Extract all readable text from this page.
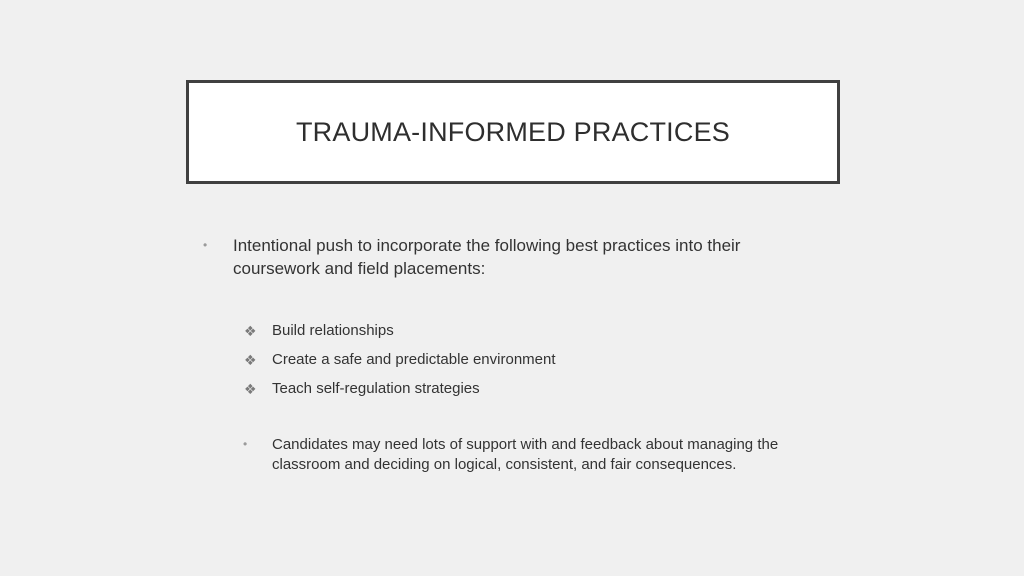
TRAUMA-INFORMED PRACTICES
• Intentional push to incorporate the following best practices into their coursework and field placements:
❖	Build relationships
❖	Create a safe and predictable environment
❖	Teach self-regulation strategies
• Candidates may need lots of support with and feedback about managing the classroom and deciding on logical, consistent, and fair consequences.
